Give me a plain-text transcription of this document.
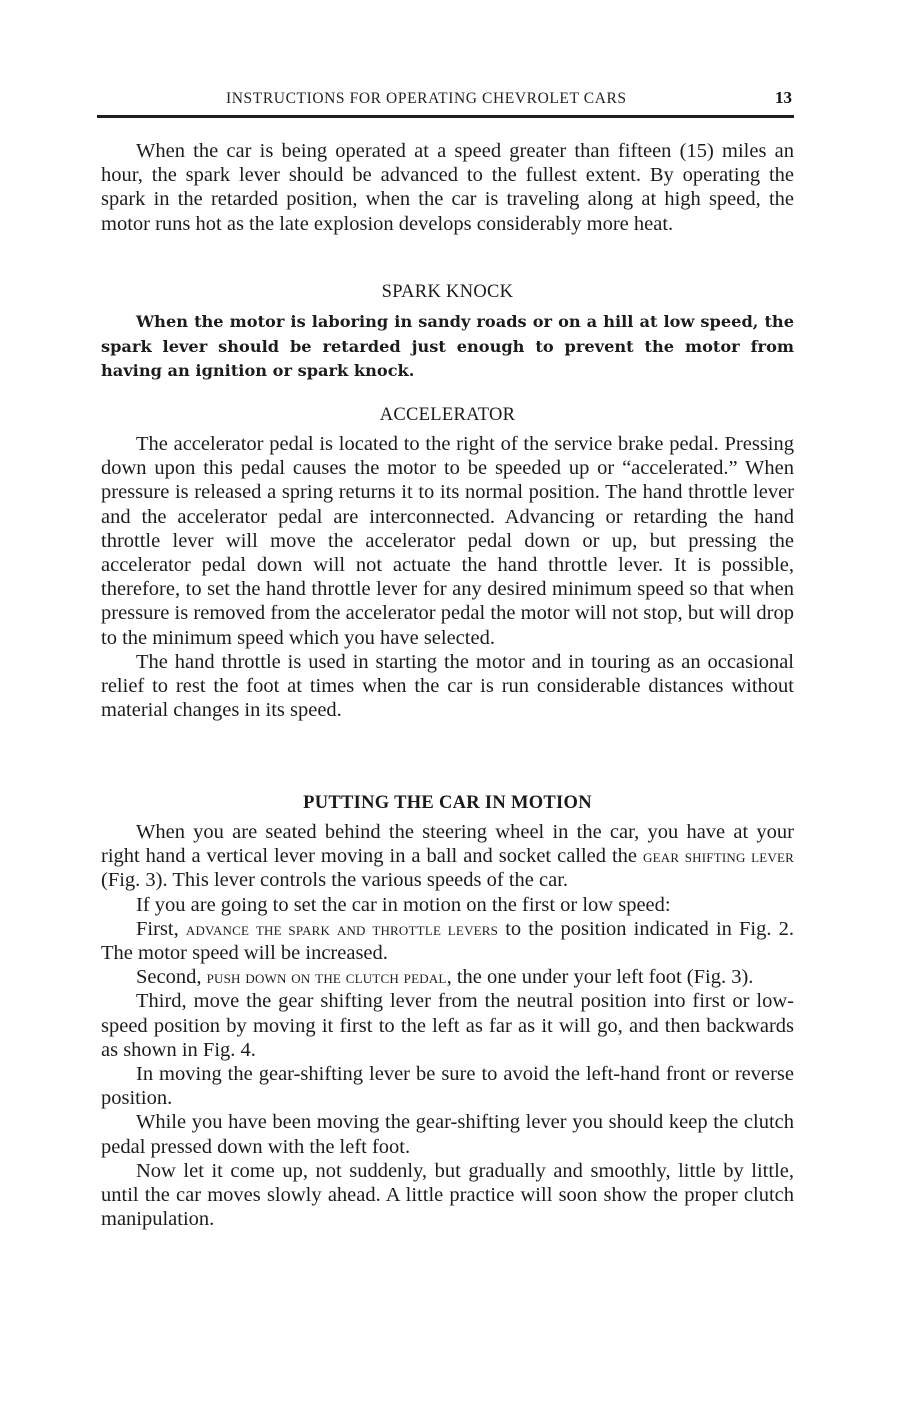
INSTRUCTIONS FOR OPERATING CHEVROLET CARS	13

When the car is being operated at a speed greater than fifteen (15) miles an hour, the spark lever should be advanced to the fullest extent. By operating the spark in the retarded position, when the car is traveling along at high speed, the motor runs hot as the late explosion develops considerably more heat.

SPARK KNOCK

When the motor is laboring in sandy roads or on a hill at low speed, the spark lever should be retarded just enough to prevent the motor from having an ignition or spark knock.

ACCELERATOR

The accelerator pedal is located to the right of the service brake pedal. Pressing down upon this pedal causes the motor to be speeded up or “accelerated.” When pressure is released a spring returns it to its normal position. The hand throttle lever and the accelerator pedal are interconnected. Advancing or retarding the hand throttle lever will move the accelerator pedal down or up, but pressing the accelerator pedal down will not actuate the hand throttle lever. It is possible, therefore, to set the hand throttle lever for any desired minimum speed so that when pressure is removed from the accelerator pedal the motor will not stop, but will drop to the minimum speed which you have selected.

The hand throttle is used in starting the motor and in touring as an occasional relief to rest the foot at times when the car is run considerable distances without material changes in its speed.

PUTTING THE CAR IN MOTION

When you are seated behind the steering wheel in the car, you have at your right hand a vertical lever moving in a ball and socket called the gear shifting lever (Fig. 3). This lever controls the various speeds of the car.

If you are going to set the car in motion on the first or low speed:

First, advance the spark and throttle levers to the position indicated in Fig. 2. The motor speed will be increased.

Second, push down on the clutch pedal, the one under your left foot (Fig. 3).

Third, move the gear shifting lever from the neutral position into first or low-speed position by moving it first to the left as far as it will go, and then backwards as shown in Fig. 4.

In moving the gear-shifting lever be sure to avoid the left-hand front or reverse position.

While you have been moving the gear-shifting lever you should keep the clutch pedal pressed down with the left foot.

Now let it come up, not suddenly, but gradually and smoothly, little by little, until the car moves slowly ahead. A little practice will soon show the proper clutch manipulation.
